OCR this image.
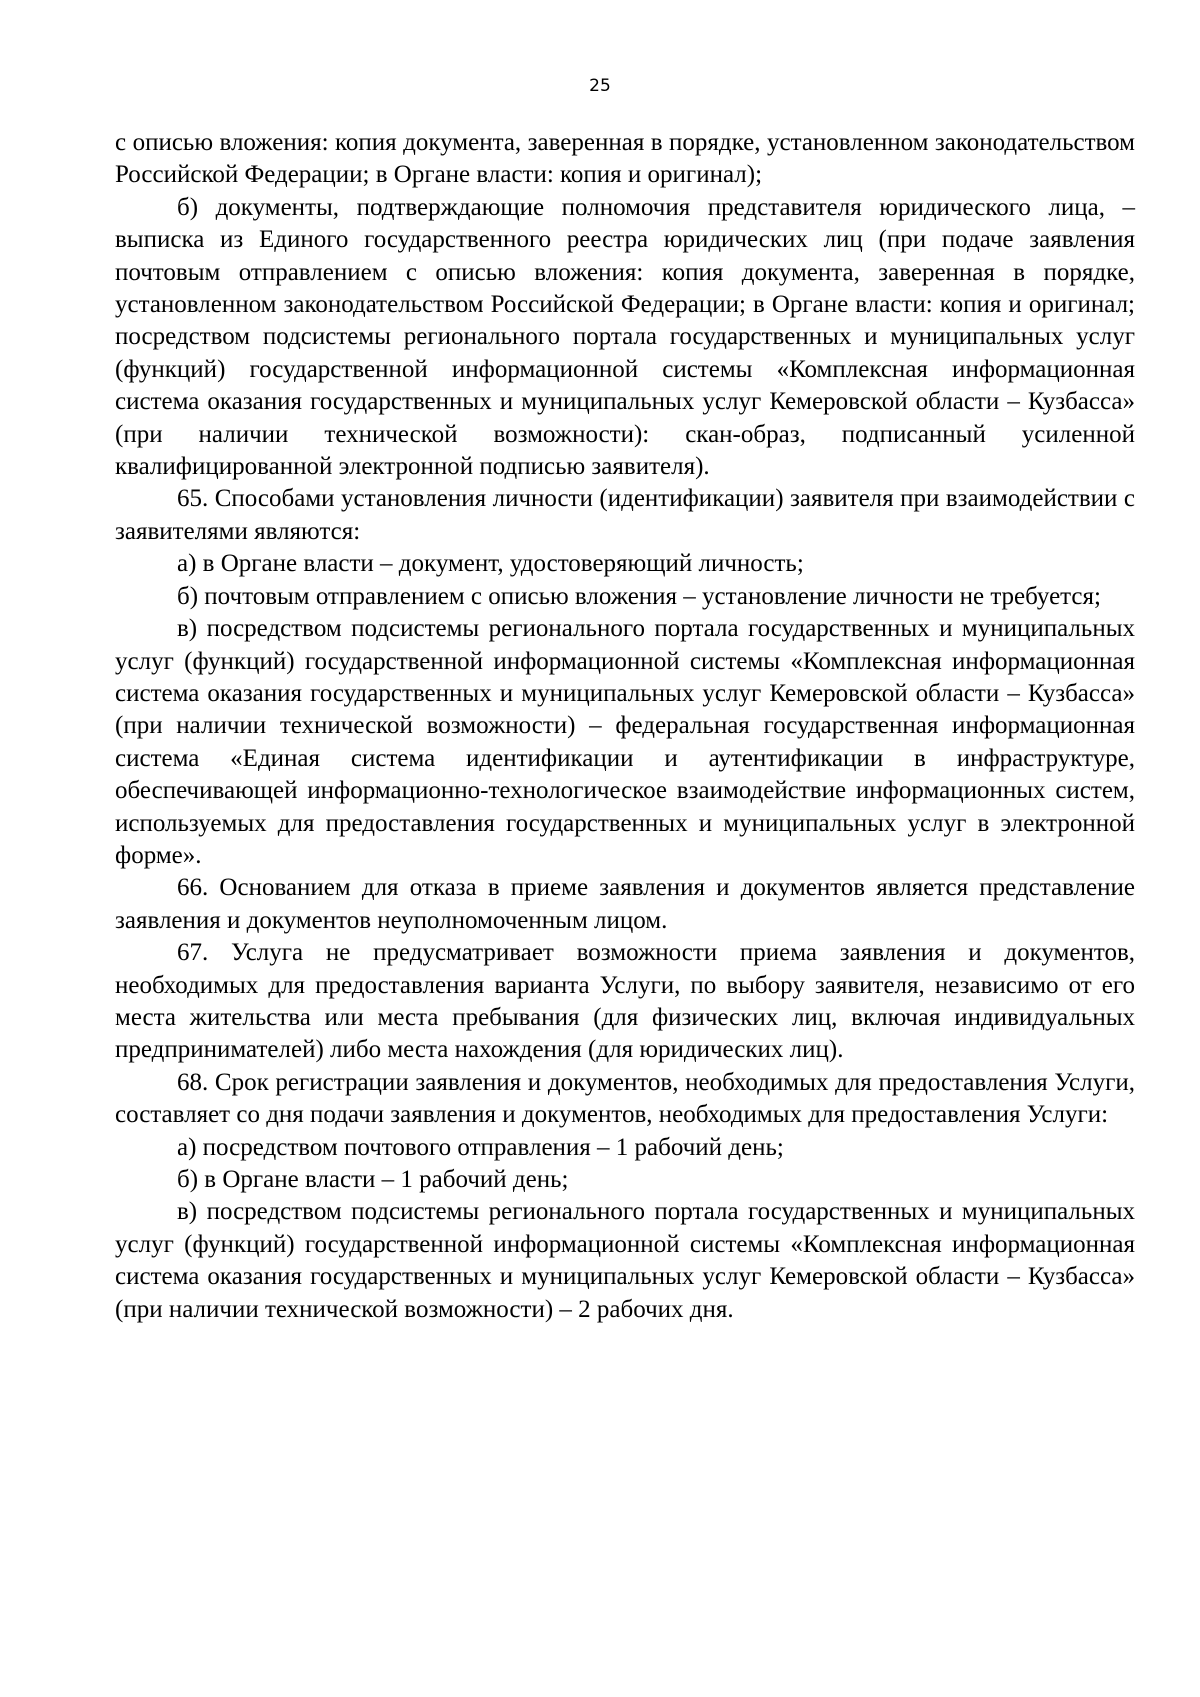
25

с описью вложения: копия документа, заверенная в порядке, установленном законодательством Российской Федерации; в Органе власти: копия и оригинал);

б) документы, подтверждающие полномочия представителя юридического лица, – выписка из Единого государственного реестра юридических лиц (при подаче заявления почтовым отправлением с описью вложения: копия документа, заверенная в порядке, установленном законодательством Российской Федерации; в Органе власти: копия и оригинал; посредством подсистемы регионального портала государственных и муниципальных услуг (функций) государственной информационной системы «Комплексная информационная система оказания государственных и муниципальных услуг Кемеровской области – Кузбасса» (при наличии технической возможности): скан-образ, подписанный усиленной квалифицированной электронной подписью заявителя).

65. Способами установления личности (идентификации) заявителя при взаимодействии с заявителями являются:

а) в Органе власти – документ, удостоверяющий личность;

б) почтовым отправлением с описью вложения – установление личности не требуется;

в) посредством подсистемы регионального портала государственных и муниципальных услуг (функций) государственной информационной системы «Комплексная информационная система оказания государственных и муниципальных услуг Кемеровской области – Кузбасса» (при наличии технической возможности) – федеральная государственная информационная система «Единая система идентификации и аутентификации в инфраструктуре, обеспечивающей информационно-технологическое взаимодействие информационных систем, используемых для предоставления государственных и муниципальных услуг в электронной форме».

66. Основанием для отказа в приеме заявления и документов является представление заявления и документов неуполномоченным лицом.

67. Услуга не предусматривает возможности приема заявления и документов, необходимых для предоставления варианта Услуги, по выбору заявителя, независимо от его места жительства или места пребывания (для физических лиц, включая индивидуальных предпринимателей) либо места нахождения (для юридических лиц).

68. Срок регистрации заявления и документов, необходимых для предоставления Услуги, составляет со дня подачи заявления и документов, необходимых для предоставления Услуги:

а) посредством почтового отправления – 1 рабочий день;

б) в Органе власти – 1 рабочий день;

в) посредством подсистемы регионального портала государственных и муниципальных услуг (функций) государственной информационной системы «Комплексная информационная система оказания государственных и муниципальных услуг Кемеровской области – Кузбасса» (при наличии технической возможности) – 2 рабочих дня.
